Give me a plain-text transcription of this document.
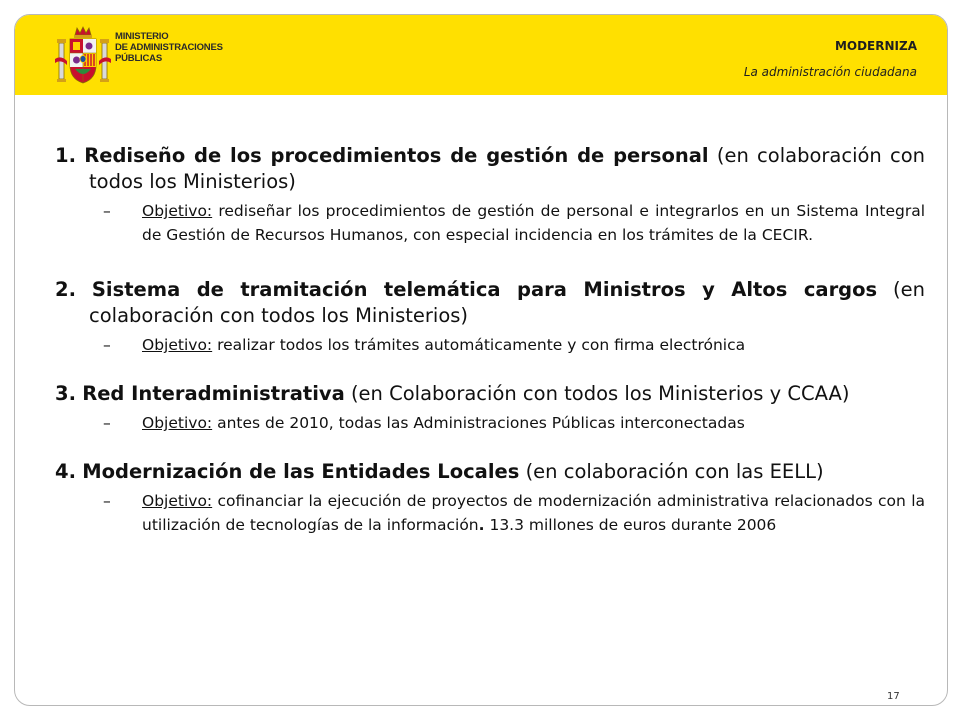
MINISTERIO
DE ADMINISTRACIONES
PÚBLICAS
MODERNIZA
La administración ciudadana

1. Rediseño de los procedimientos de gestión de personal (en colaboración con todos los Ministerios)

– Objetivo: rediseñar los procedimientos de gestión de personal e integrarlos en un Sistema Integral de Gestión de Recursos Humanos, con especial incidencia en los trámites de la CECIR.

2. Sistema de tramitación telemática para Ministros y Altos cargos (en colaboración con todos los Ministerios)

– Objetivo: realizar todos los trámites automáticamente y con firma electrónica

3. Red Interadministrativa (en Colaboración con todos los Ministerios y CCAA)

– Objetivo: antes de 2010, todas las Administraciones Públicas interconectadas

4. Modernización de las Entidades Locales (en colaboración con las EELL)

– Objetivo: cofinanciar la ejecución de proyectos de modernización administrativa relacionados con la utilización de tecnologías de la información. 13.3 millones de euros durante 2006
17
